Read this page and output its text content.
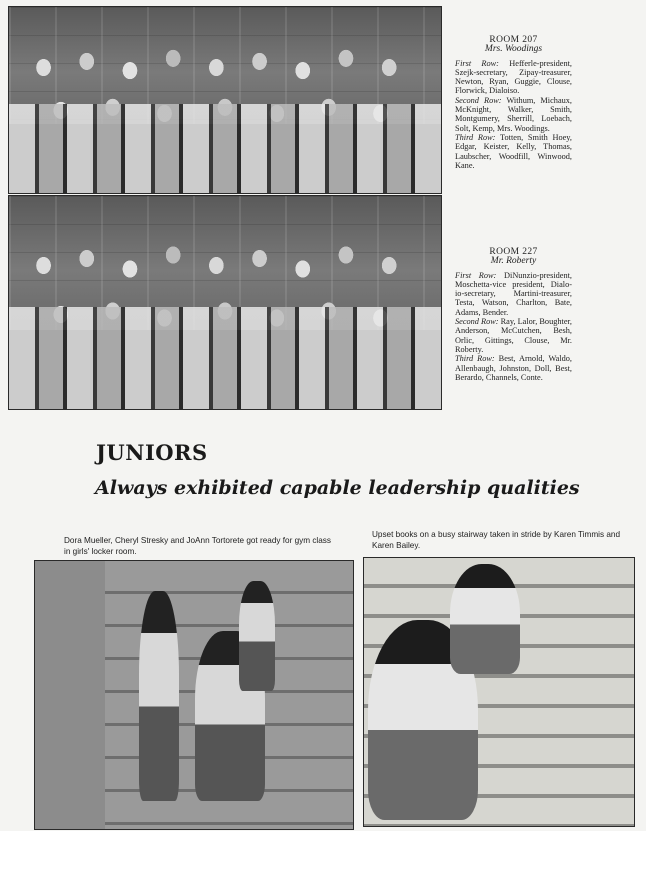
ROOM 207
Mrs. Woodings
First Row: Hefferle-president, Szejk-secretary, Zipay-treasurer, Newton, Ryan, Guggie, Clouse, Florwick, Dialoiso.
Second Row: Withum, Michaux, McKnight, Walker, Smith, Montgumery, Sherrill, Loebach, Solt, Kemp, Mrs. Woodings.
Third Row: Totten, Smith Hoey, Edgar, Keister, Kelly, Thomas, Laubscher, Woodfill, Winwood, Kane.
ROOM 227
Mr. Roberty
First Row: DiNunzio-president, Moschetta-vice president, Dialo-io-secretary, Martini-treasurer, Testa, Watson, Charlton, Bate, Adams, Bender.
Second Row: Ray, Lalor, Boughter, Anderson, McCutchen, Besh, Orlic, Gittings, Clouse, Mr. Roberty.
Third Row: Best, Arnold, Waldo, Allenbaugh, Johnston, Doll, Best, Berardo, Channels, Conte.
JUNIORS
Always exhibited capable leadership qualities
Dora Mueller, Cheryl Stresky and JoAnn Tortorete got ready for gym class in girls' locker room.
Upset books on a busy stairway taken in stride by Karen Timmis and Karen Bailey.
